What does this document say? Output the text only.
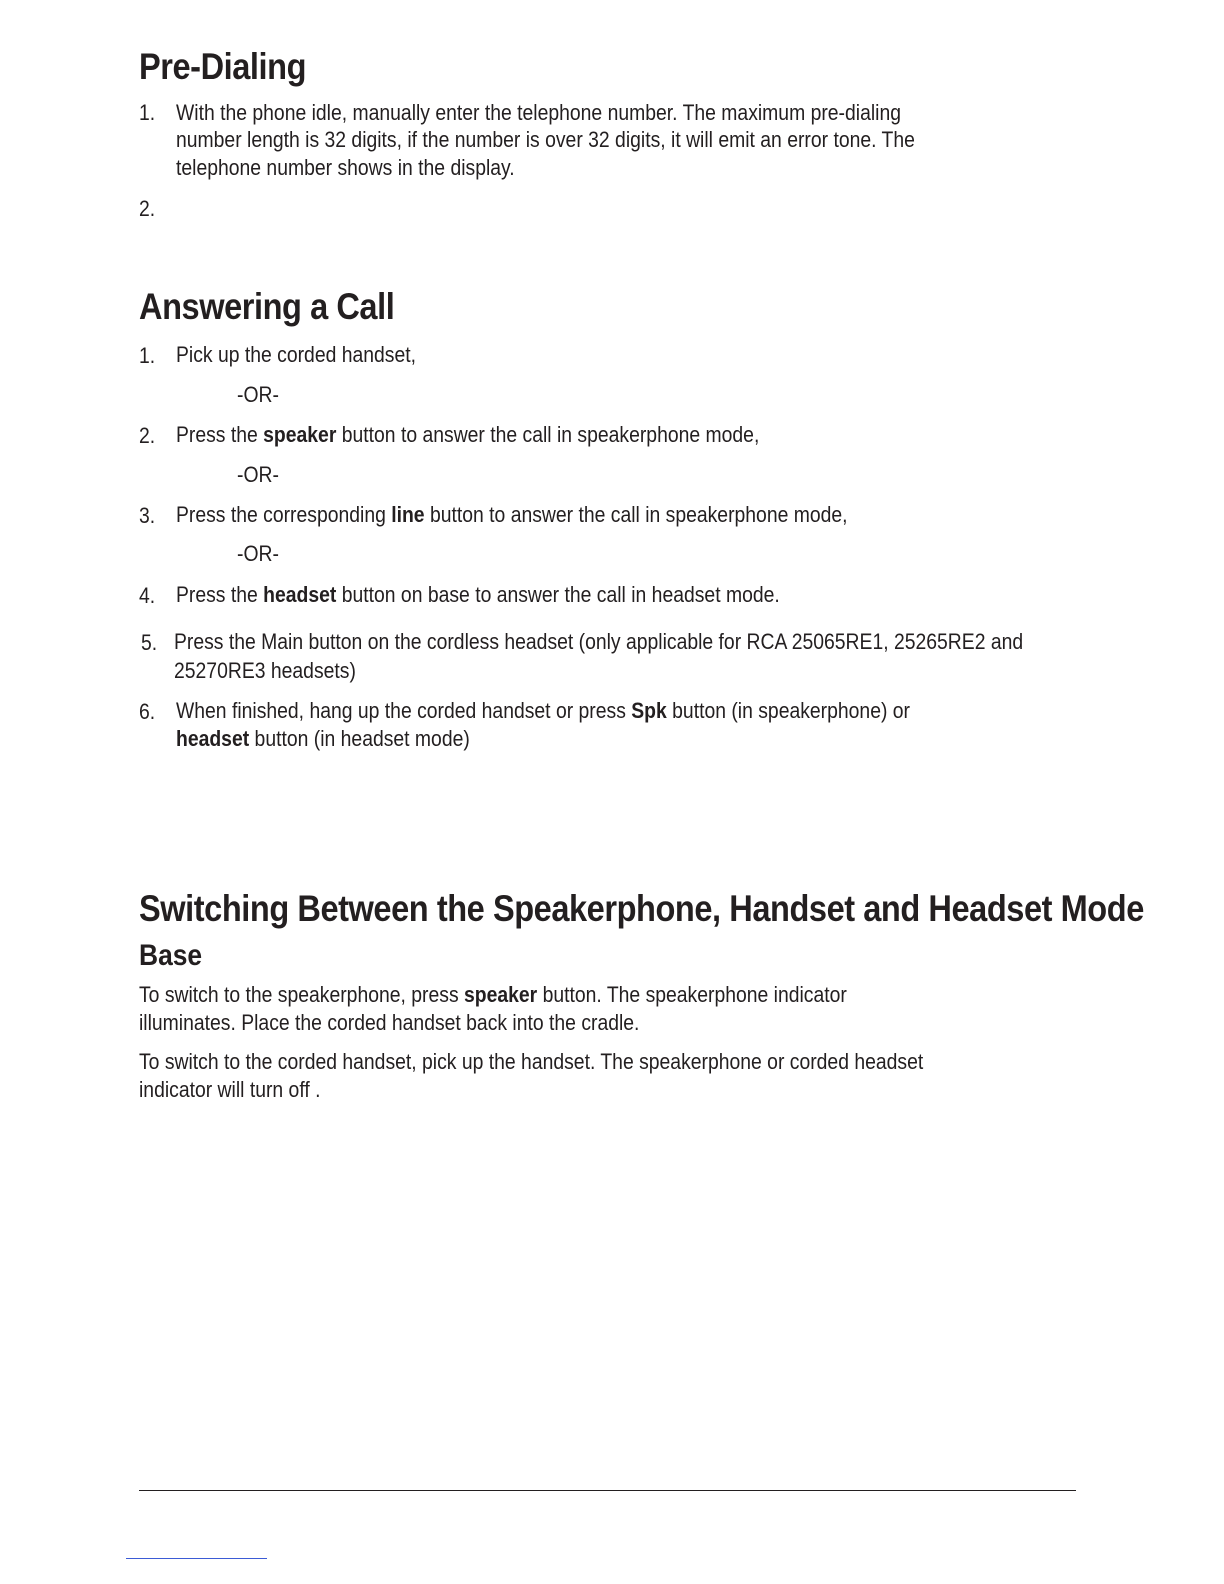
Pre-Dialing
1. With the phone idle, manually enter the telephone number. The maximum pre-dialing
number length is 32 digits, if the number is over 32 digits, it will emit an error tone. The
telephone number shows in the display.
2.
Answering a Call
1. Pick up the corded handset,
-OR-
2. Press the speaker button to answer the call in speakerphone mode,
-OR-
3. Press the corresponding line button to answer the call in speakerphone mode,
-OR-
4. Press the headset button on base to answer the call in headset mode.
5. Press the Main button on the cordless headset (only applicable for RCA 25065RE1, 25265RE2 and
25270RE3 headsets)
6. When finished, hang up the corded handset or press Spk button (in speakerphone) or
headset button (in headset mode)
Switching Between the Speakerphone, Handset and Headset Mode
Base
To switch to the speakerphone, press speaker button. The speakerphone indicator
illuminates. Place the corded handset back into the cradle.
To switch to the corded handset, pick up the handset. The speakerphone or corded headset
indicator will turn off .
